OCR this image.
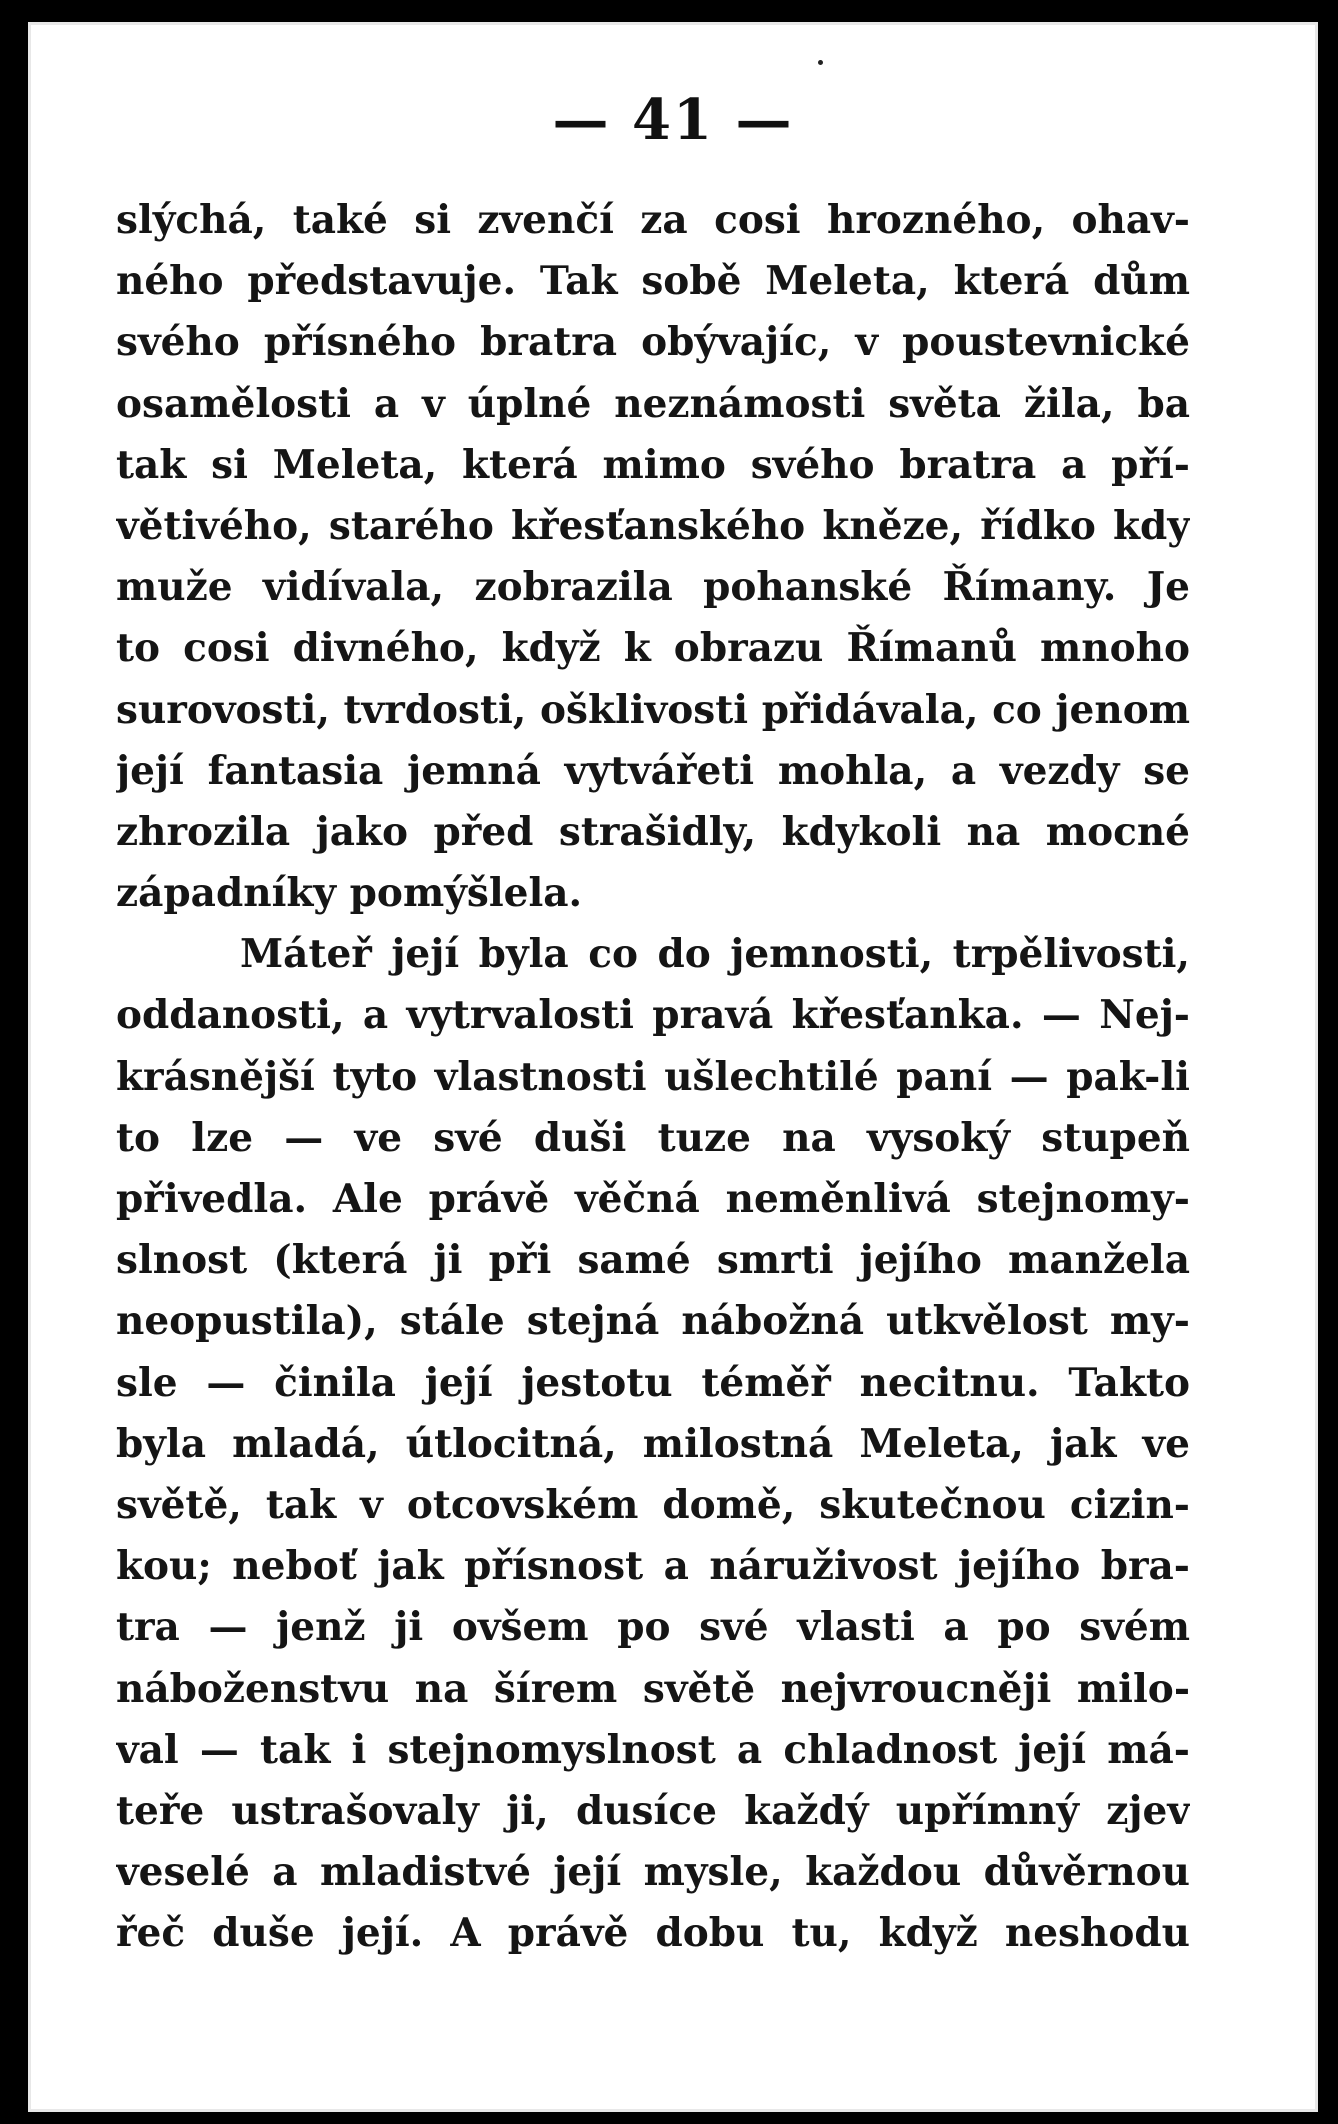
— 41 —
slýchá, také si zvenčí za cosi hrozného, ohav-
ného představuje. Tak sobě Meleta, která dům
svého přísného bratra obývajíc, v poustevnické
osamělosti a v úplné neznámosti světa žila, ba
tak si Meleta, která mimo svého bratra a pří-
větivého, starého křesťanského kněze, řídko kdy
muže vidívala, zobrazila pohanské Římany. Je
to cosi divného, když k obrazu Římanů mnoho
surovosti, tvrdosti, ošklivosti přidávala, co jenom
její fantasia jemná vytvářeti mohla, a vezdy se
zhrozila jako před strašidly, kdykoli na mocné
západníky pomýšlela.
Máteř její byla co do jemnosti, trpělivosti,
oddanosti, a vytrvalosti pravá křesťanka. — Nej-
krásnější tyto vlastnosti ušlechtilé paní — pak-li
to lze — ve své duši tuze na vysoký stupeň
přivedla. Ale právě věčná neměnlivá stejnomy-
slnost (která ji při samé smrti jejího manžela
neopustila), stále stejná nábožná utkvělost my-
sle — činila její jestotu téměř necitnu. Takto
byla mladá, útlocitná, milostná Meleta, jak ve
světě, tak v otcovském domě, skutečnou cizin-
kou; neboť jak přísnost a náruživost jejího bra-
tra — jenž ji ovšem po své vlasti a po svém
náboženstvu na šírem světě nejvroucněji milo-
val — tak i stejnomyslnost a chladnost její má-
teře ustrašovaly ji, dusíce každý upřímný zjev
veselé a mladistvé její mysle, každou důvěrnou
řeč duše její. A právě dobu tu, když neshodu
